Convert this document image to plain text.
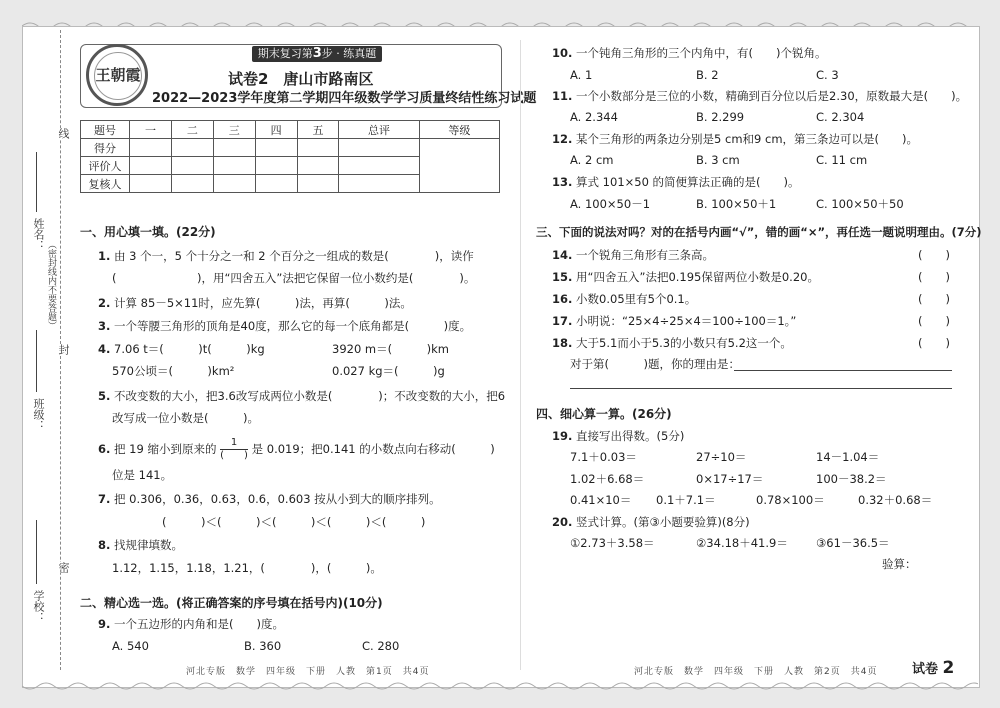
姓名：
班级：
学校：
线
（密封线内不要答题）
封
密
王朝霞
期末复习第3步 · 练真题
试卷2　唐山市路南区
2022—2023学年度第二学期四年级数学学习质量终结性练习试题
题号	一	二	三	四	五	总评	等级
得分							
评价人							
复核人							
一、用心填一填。(22分)
1. 由 3 个一，5 个十分之一和 2 个百分之一组成的数是(　　　　)，读作
(　　　　　　　)，用“四舍五入”法把它保留一位小数约是(　　　　)。
2. 计算 85－5×11时，应先算(　　　)法，再算(　　　)法。
3. 一个等腰三角形的顶角是40度，那么它的每一个底角都是(　　　)度。
4. 7.06 t＝(　　　)t(　　　)kg	3920 m＝(　　　)km
570公顷＝(　　　)km²	0.027 kg＝(　　　)g
5. 不改变数的大小，把3.6改写成两位小数是(　　　　)；不改变数的大小，把6
改写成一位小数是(　　　)。
6. 把 19 缩小到原来的	1
(　　) 是 0.019；把0.141 的小数点向右移动(　　　)
位是 141。
7. 把 0.306，0.36，0.63，0.6，0.603 按从小到大的顺序排列。
(　　　)＜(　　　)＜(　　　)＜(　　　)＜(　　　)
8. 找规律填数。
1.12，1.15，1.18，1.21，(　　　　)，(　　　)。
二、精心选一选。(将正确答案的序号填在括号内)(10分)
9. 一个五边形的内角和是(　　)度。
A. 540	B. 360	C. 280
河北专版　数学　四年级　下册　人教　第1页　共4页
10. 一个钝角三角形的三个内角中，有(　　)个锐角。
A. 1	B. 2	C. 3
11. 一个小数部分是三位的小数，精确到百分位以后是2.30，原数最大是(　　)。
A. 2.344	B. 2.299	C. 2.304
12. 某个三角形的两条边分别是5 cm和9 cm，第三条边可以是(　　)。
A. 2 cm	B. 3 cm	C. 11 cm
13. 算式 101×50 的简便算法正确的是(　　)。
A. 100×50－1	B. 100×50＋1	C. 100×50＋50
三、下面的说法对吗？对的在括号内画“√”，错的画“×”，再任选一题说明理由。(7分)
14. 一个锐角三角形有三条高。	(　　)
15. 用“四舍五入”法把0.195保留两位小数是0.20。	(　　)
16. 小数0.05里有5个0.1。	(　　)
17. 小明说：“25×4÷25×4＝100÷100＝1。”	(　　)
18. 大于5.1而小于5.3的小数只有5.2这一个。	(　　)
对于第(　　　)题，你的理由是：
四、细心算一算。(26分)
19. 直接写出得数。(5分)
7.1＋0.03＝	27÷10＝	14－1.04＝
1.02＋6.68＝	0×17÷17＝	100－38.2＝
0.41×10＝ 0.1＋7.1＝	0.78×100＝	0.32＋0.68＝
20. 竖式计算。(第③小题要验算)(8分)
①2.73＋3.58＝	②34.18＋41.9＝ ③61－36.5＝
验算：
河北专版　数学　四年级　下册　人教　第2页　共4页	试卷 2
